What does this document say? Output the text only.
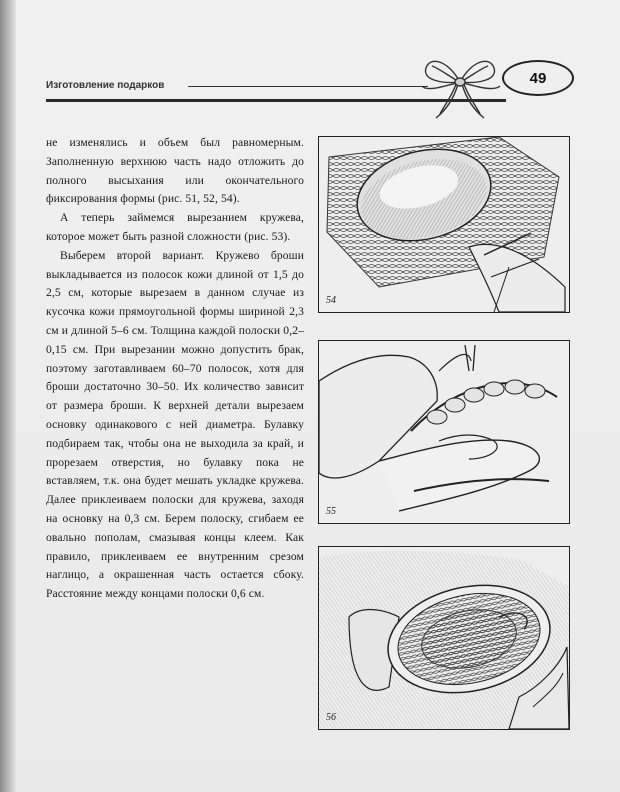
Изготовление подарков	49

не изменялись и объем был равномерным. Заполненную верхнюю часть надо отложить до полного высыхания или окончательного фиксирования формы (рис. 51, 52, 54).

А теперь займемся вырезанием кружева, которое может быть разной сложности (рис. 53).

Выберем второй вариант. Кружево броши выкладывается из полосок кожи длиной от 1,5 до 2,5 см, которые вырезаем в данном случае из кусочка кожи прямоугольной формы шириной 2,3 см и длиной 5–6 см. Толщина каждой полоски 0,2–0,15 см. При вырезании можно допустить брак, поэтому заготавливаем 60–70 полосок, хотя для броши достаточно 30–50. Их количество зависит от размера броши. К верхней детали вырезаем основку одинакового с ней диаметра. Булавку подбираем так, чтобы она не выходила за край, и прорезаем отверстия, но булавку пока не вставляем, т.к. она будет мешать укладке кружева. Далее приклеиваем полоски для кружева, заходя на основку на 0,3 см. Берем полоску, сгибаем ее овально пополам, смазывая концы клеем. Как правило, приклеиваем ее внутренним срезом наглицо, а окрашенная часть остается сбоку. Расстояние между концами полоски 0,6 см.

54
55
56
